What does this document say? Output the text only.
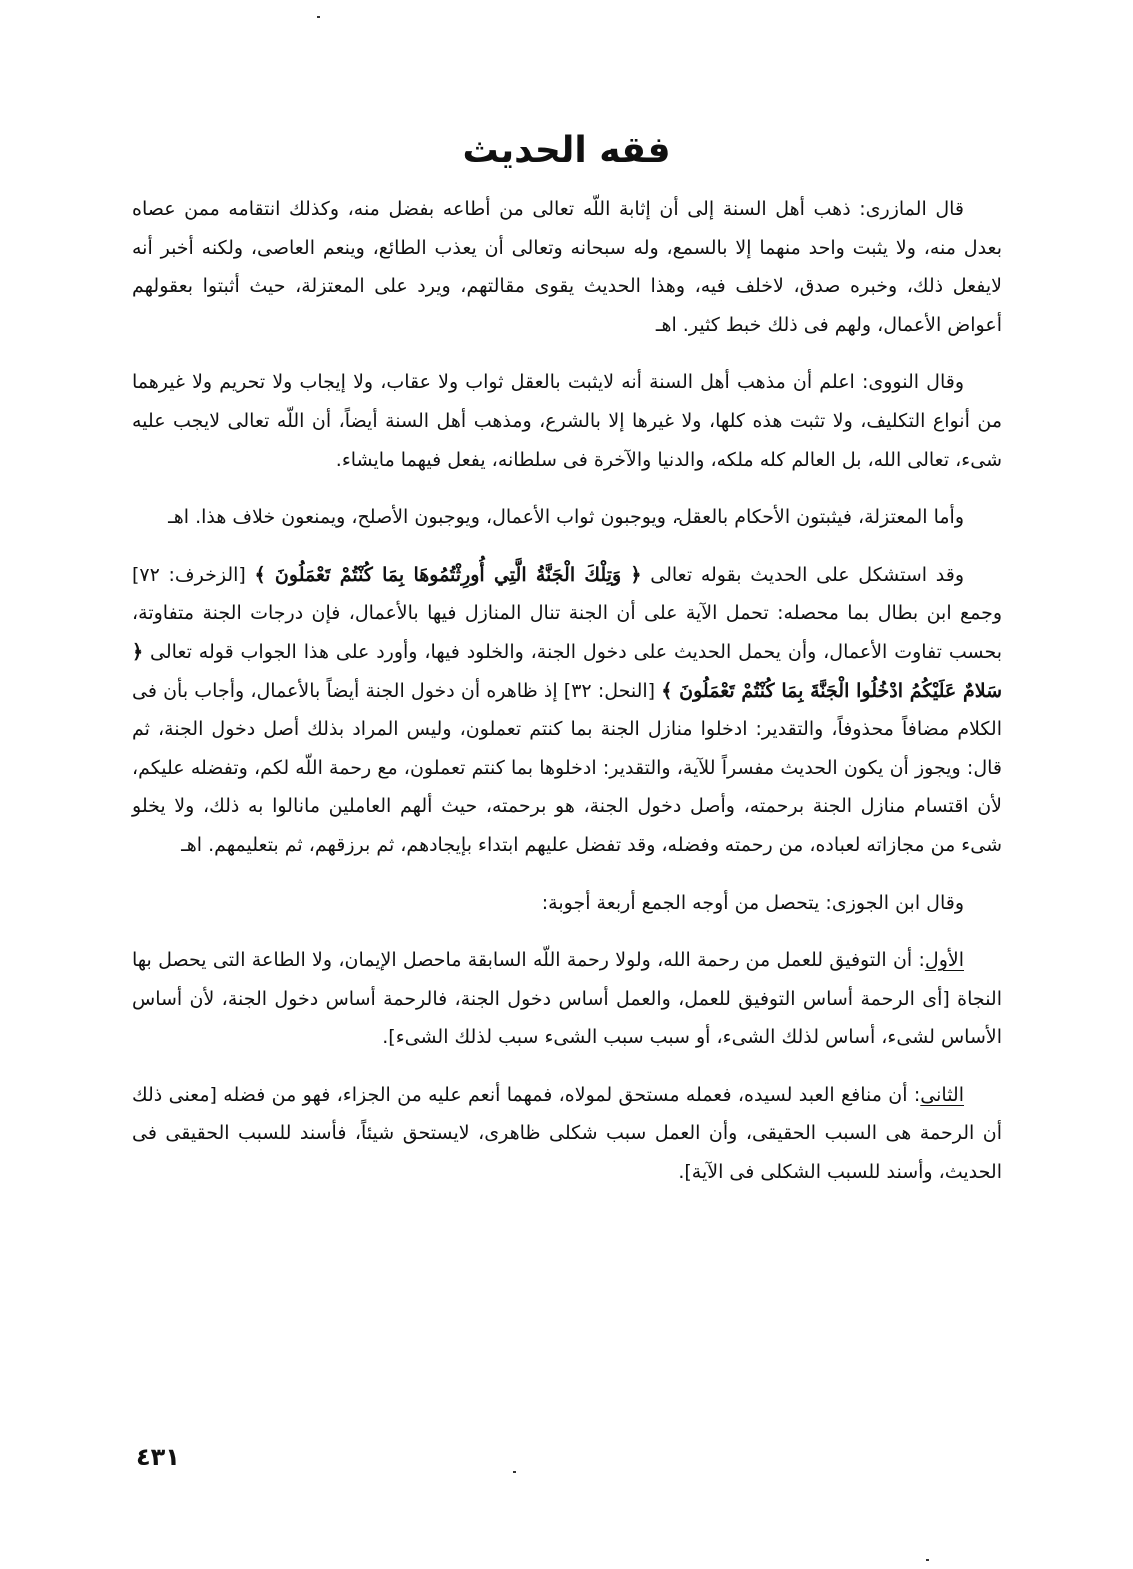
فقه الحديث

قال المازرى: ذهب أهل السنة إلى أن إثابة اللّه تعالى من أطاعه بفضل منه، وكذلك انتقامه ممن عصاه بعدل منه، ولا يثبت واحد منهما إلا بالسمع، وله سبحانه وتعالى أن يعذب الطائع، وينعم العاصى، ولكنه أخبر أنه لايفعل ذلك، وخبره صدق، لاخلف فيه، وهذا الحديث يقوى مقالتهم، ويرد على المعتزلة، حيث أثبتوا بعقولهم أعواض الأعمال، ولهم فى ذلك خبط كثير. اهـ

وقال النووى: اعلم أن مذهب أهل السنة أنه لايثبت بالعقل ثواب ولا عقاب، ولا إيجاب ولا تحريم ولا غيرهما من أنواع التكليف، ولا تثبت هذه كلها، ولا غيرها إلا بالشرع، ومذهب أهل السنة أيضاً، أن اللّه تعالى لايجب عليه شىء، تعالى الله، بل العالم كله ملكه، والدنيا والآخرة فى سلطانه، يفعل فيهما مايشاء.

وأما المعتزلة، فيثبتون الأحكام بالعقل، ويوجبون ثواب الأعمال، ويوجبون الأصلح، ويمنعون خلاف هذا. اهـ

وقد استشكل على الحديث بقوله تعالى ﴿ وَتِلْكَ الْجَنَّةُ الَّتِي أُورِثْتُمُوهَا بِمَا كُنْتُمْ تَعْمَلُونَ ﴾ [الزخرف: ٧٢] وجمع ابن بطال بما محصله: تحمل الآية على أن الجنة تنال المنازل فيها بالأعمال، فإن درجات الجنة متفاوتة، بحسب تفاوت الأعمال، وأن يحمل الحديث على دخول الجنة، والخلود فيها، وأورد على هذا الجواب قوله تعالى ﴿ سَلامٌ عَلَيْكُمُ ادْخُلُوا الْجَنَّةَ بِمَا كُنْتُمْ تَعْمَلُونَ ﴾ [النحل: ٣٢] إذ ظاهره أن دخول الجنة أيضاً بالأعمال، وأجاب بأن فى الكلام مضافاً محذوفاً، والتقدير: ادخلوا منازل الجنة بما كنتم تعملون، وليس المراد بذلك أصل دخول الجنة، ثم قال: ويجوز أن يكون الحديث مفسراً للآية، والتقدير: ادخلوها بما كنتم تعملون، مع رحمة اللّه لكم، وتفضله عليكم، لأن اقتسام منازل الجنة برحمته، وأصل دخول الجنة، هو برحمته، حيث ألهم العاملين مانالوا به ذلك، ولا يخلو شىء من مجازاته لعباده، من رحمته وفضله، وقد تفضل عليهم ابتداء بإيجادهم، ثم برزقهم، ثم بتعليمهم. اهـ

وقال ابن الجوزى: يتحصل من أوجه الجمع أربعة أجوبة:

الأول: أن التوفيق للعمل من رحمة الله، ولولا رحمة اللّه السابقة ماحصل الإيمان، ولا الطاعة التى يحصل بها النجاة [أى الرحمة أساس التوفيق للعمل، والعمل أساس دخول الجنة، فالرحمة أساس دخول الجنة، لأن أساس الأساس لشىء، أساس لذلك الشىء، أو سبب سبب الشىء سبب لذلك الشىء].

الثانى: أن منافع العبد لسيده، فعمله مستحق لمولاه، فمهما أنعم عليه من الجزاء، فهو من فضله [معنى ذلك أن الرحمة هى السبب الحقيقى، وأن العمل سبب شكلى ظاهرى، لايستحق شيئاً، فأسند للسبب الحقيقى فى الحديث، وأسند للسبب الشكلى فى الآية].

٤٣١
